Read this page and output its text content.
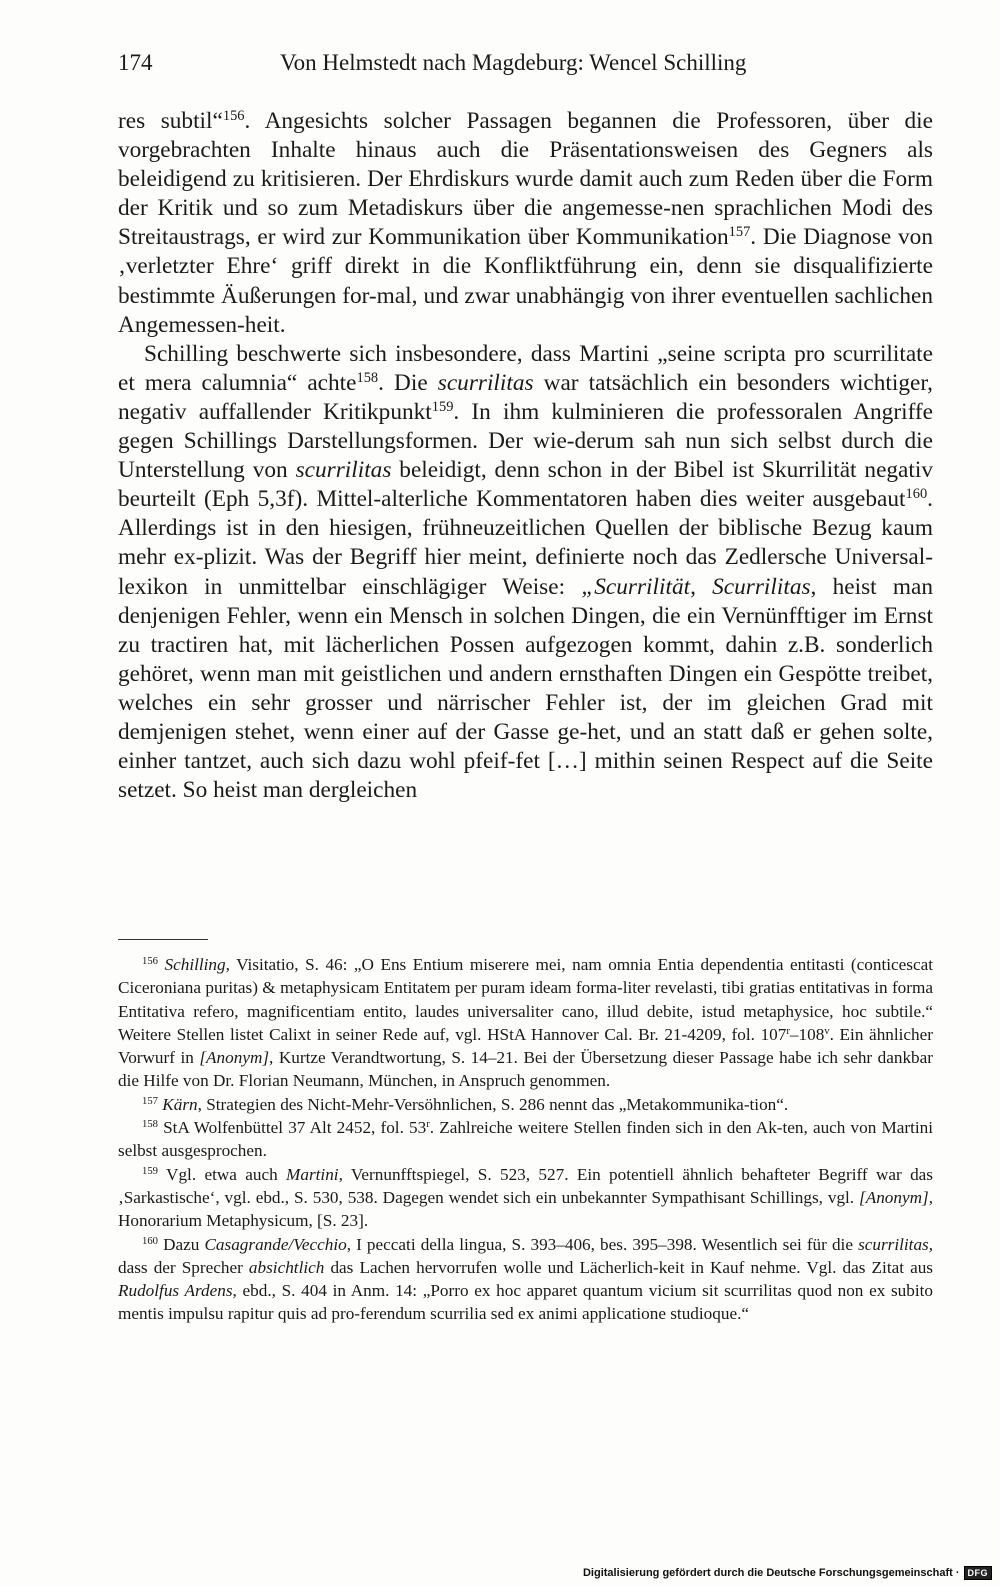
174	Von Helmstedt nach Magdeburg: Wencel Schilling

res subtil“$^{156}$. Angesichts solcher Passagen begannen die Professoren, über die vorgebrachten Inhalte hinaus auch die Präsentationsweisen des Gegners als beleidigend zu kritisieren. Der Ehrdiskurs wurde damit auch zum Reden über die Form der Kritik und so zum Metadiskurs über die angemesse-nen sprachlichen Modi des Streitaustrags, er wird zur Kommunikation über Kommunikation$^{157}$. Die Diagnose von ‚verletzter Ehre‘ griff direkt in die Konfliktführung ein, denn sie disqualifizierte bestimmte Äußerungen for-mal, und zwar unabhängig von ihrer eventuellen sachlichen Angemessen-heit.

Schilling beschwerte sich insbesondere, dass Martini „seine scripta pro scurrilitate et mera calumnia“ achte$^{158}$. Die scurrilitas war tatsächlich ein besonders wichtiger, negativ auffallender Kritikpunkt$^{159}$. In ihm kulminieren die professoralen Angriffe gegen Schillings Darstellungsformen. Der wie-derum sah nun sich selbst durch die Unterstellung von scurrilitas beleidigt, denn schon in der Bibel ist Skurrilität negativ beurteilt (Eph 5,3f). Mittel-alterliche Kommentatoren haben dies weiter ausgebaut$^{160}$. Allerdings ist in den hiesigen, frühneuzeitlichen Quellen der biblische Bezug kaum mehr ex-plizit. Was der Begriff hier meint, definierte noch das Zedlersche Universal-lexikon in unmittelbar einschlägiger Weise: „Scurrilität, Scurrilitas, heist man denjenigen Fehler, wenn ein Mensch in solchen Dingen, die ein Vernünfftiger im Ernst zu tractiren hat, mit lächerlichen Possen aufgezogen kommt, dahin z.B. sonderlich gehöret, wenn man mit geistlichen und andern ernsthaften Dingen ein Gespötte treibet, welches ein sehr grosser und närrischer Fehler ist, der im gleichen Grad mit demjenigen stehet, wenn einer auf der Gasse ge-het, und an statt daß er gehen solte, einher tantzet, auch sich dazu wohl pfeif-fet […] mithin seinen Respect auf die Seite setzet. So heist man dergleichen

$^{156}$ Schilling, Visitatio, S. 46: „O Ens Entium miserere mei, nam omnia Entia dependentia entitasti (conticescat Ciceroniana puritas) & metaphysicam Entitatem per puram ideam forma-liter revelasti, tibi gratias entitativas in forma Entitativa refero, magnificentiam entito, laudes universaliter cano, illud debite, istud metaphysice, hoc subtile.“ Weitere Stellen listet Calixt in seiner Rede auf, vgl. HStA Hannover Cal. Br. 21-4209, fol. 107$^r$–108$^v$. Ein ähnlicher Vorwurf in [Anonym], Kurtze Verandtwortung, S. 14–21. Bei der Übersetzung dieser Passage habe ich sehr dankbar die Hilfe von Dr. Florian Neumann, München, in Anspruch genommen.

$^{157}$ Kärn, Strategien des Nicht-Mehr-Versöhnlichen, S. 286 nennt das „Metakommunika-tion“.

$^{158}$ StA Wolfenbüttel 37 Alt 2452, fol. 53$^r$. Zahlreiche weitere Stellen finden sich in den Ak-ten, auch von Martini selbst ausgesprochen.

$^{159}$ Vgl. etwa auch Martini, Vernunfftspiegel, S. 523, 527. Ein potentiell ähnlich behafteter Begriff war das ‚Sarkastische‘, vgl. ebd., S. 530, 538. Dagegen wendet sich ein unbekannter Sympathisant Schillings, vgl. [Anonym], Honorarium Metaphysicum, [S. 23].

$^{160}$ Dazu Casagrande/Vecchio, I peccati della lingua, S. 393–406, bes. 395–398. Wesentlich sei für die scurrilitas, dass der Sprecher absichtlich das Lachen hervorrufen wolle und Lächerlich-keit in Kauf nehme. Vgl. das Zitat aus Rudolfus Ardens, ebd., S. 404 in Anm. 14: „Porro ex hoc apparet quantum vicium sit scurrilitas quod non ex subito mentis impulsu rapitur quis ad pro-ferendum scurrilia sed ex animi applicatione studioque.“

Digitalisierung gefördert durch die Deutsche Forschungsgemeinschaft · DFG
